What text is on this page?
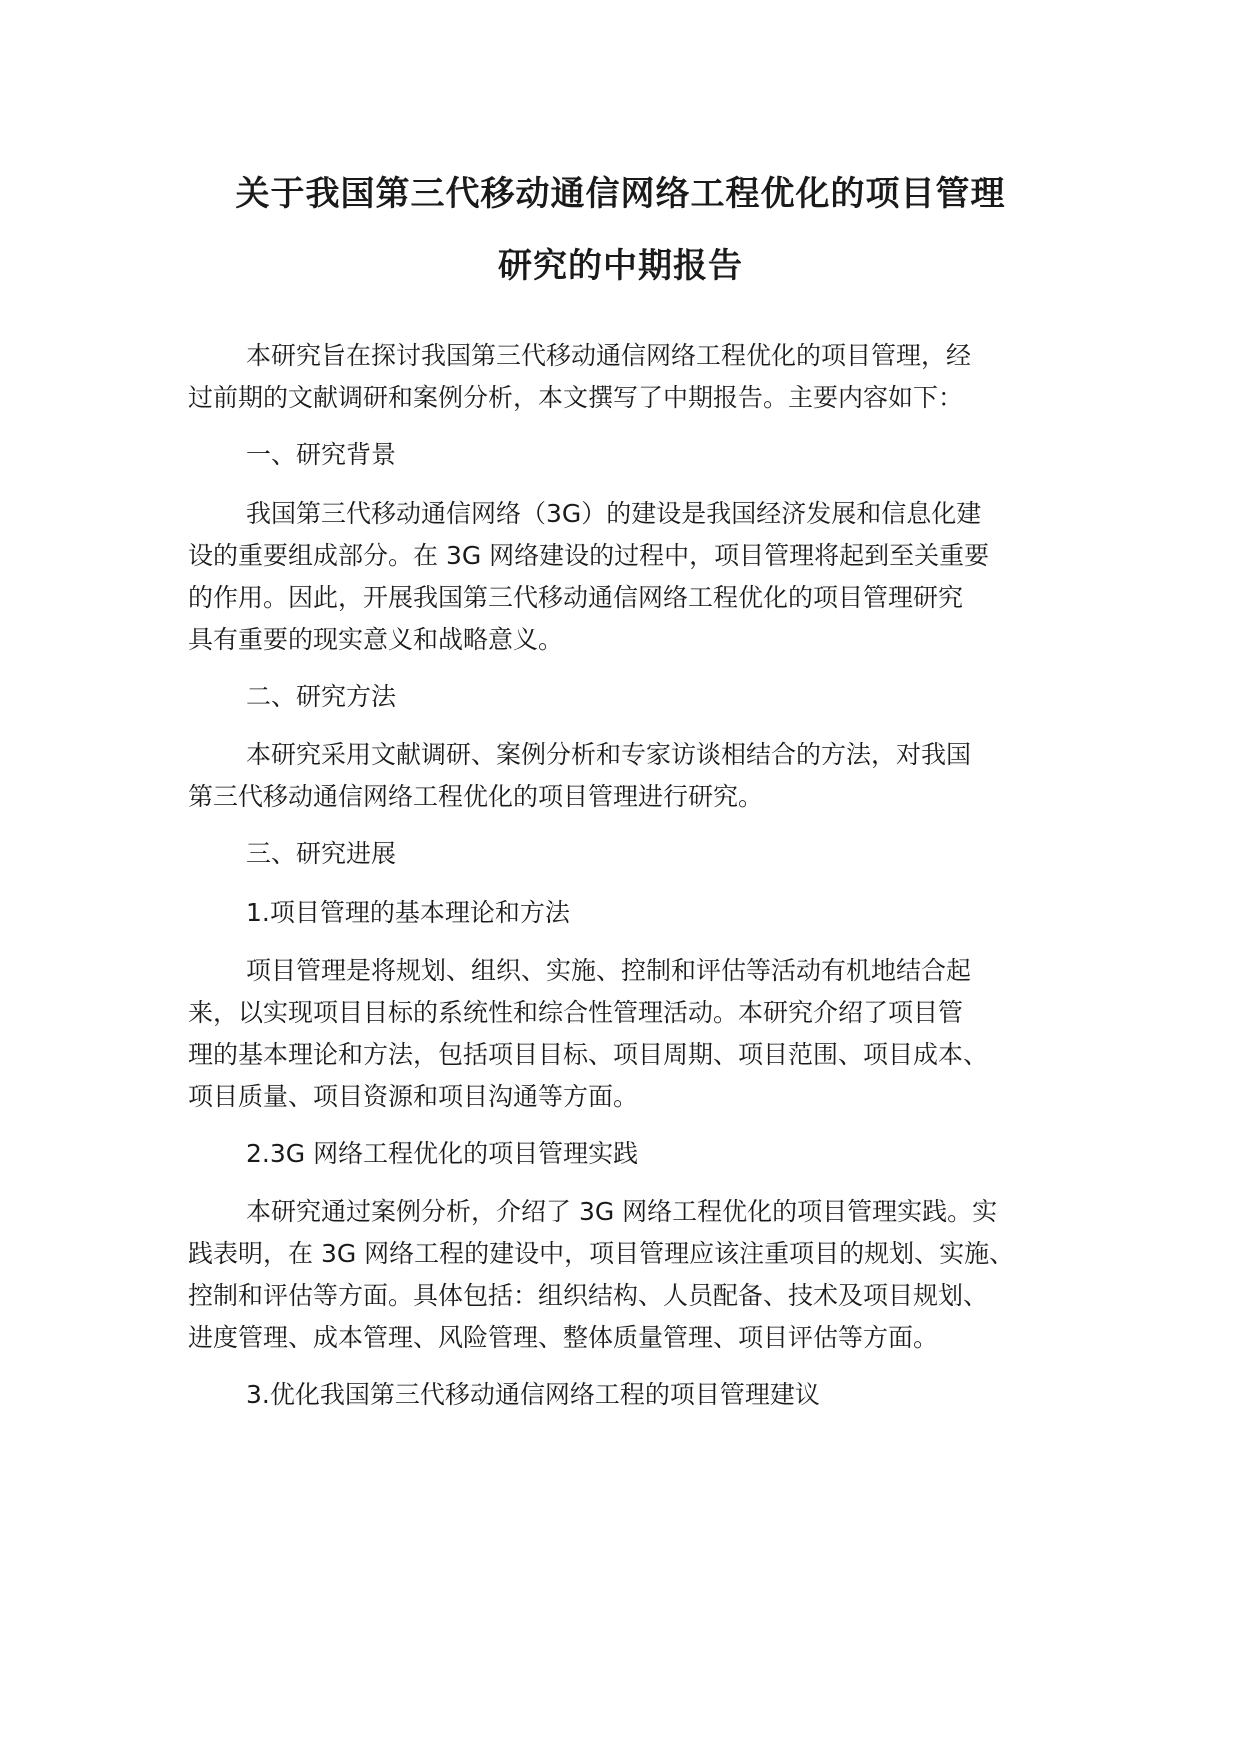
关于我国第三代移动通信网络工程优化的项目管理
研究的中期报告
本研究旨在探讨我国第三代移动通信网络工程优化的项目管理，经
过前期的文献调研和案例分析，本文撰写了中期报告。主要内容如下：
一、研究背景
我国第三代移动通信网络（3G）的建设是我国经济发展和信息化建
设的重要组成部分。在 3G 网络建设的过程中，项目管理将起到至关重要
的作用。因此，开展我国第三代移动通信网络工程优化的项目管理研究
具有重要的现实意义和战略意义。
二、研究方法
本研究采用文献调研、案例分析和专家访谈相结合的方法，对我国
第三代移动通信网络工程优化的项目管理进行研究。
三、研究进展
1.项目管理的基本理论和方法
项目管理是将规划、组织、实施、控制和评估等活动有机地结合起
来，以实现项目目标的系统性和综合性管理活动。本研究介绍了项目管
理的基本理论和方法，包括项目目标、项目周期、项目范围、项目成本、
项目质量、项目资源和项目沟通等方面。
2.3G 网络工程优化的项目管理实践
本研究通过案例分析，介绍了 3G 网络工程优化的项目管理实践。实
践表明，在 3G 网络工程的建设中，项目管理应该注重项目的规划、实施、
控制和评估等方面。具体包括：组织结构、人员配备、技术及项目规划、
进度管理、成本管理、风险管理、整体质量管理、项目评估等方面。
3.优化我国第三代移动通信网络工程的项目管理建议
